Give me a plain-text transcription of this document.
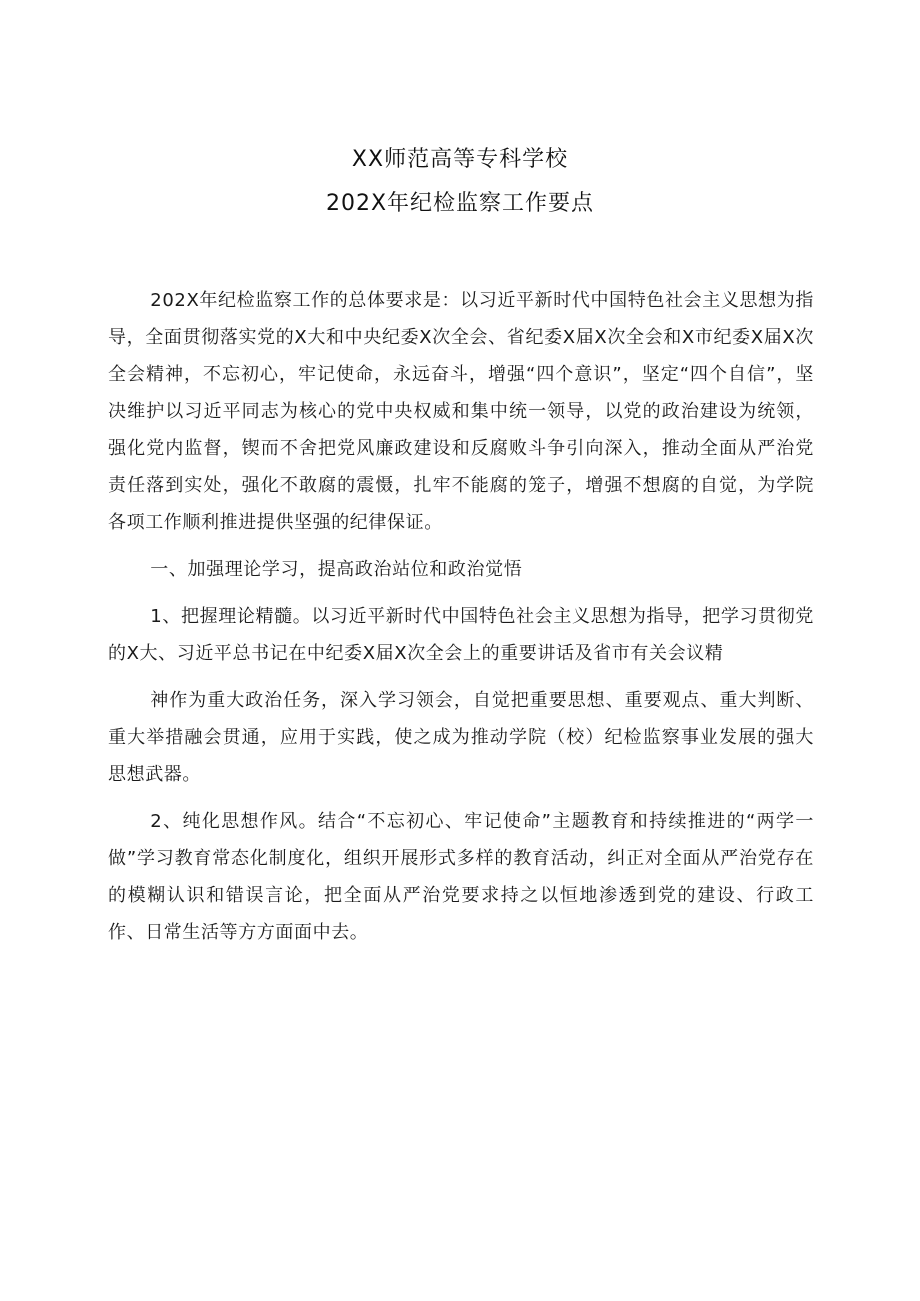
XX师范高等专科学校
202X年纪检监察工作要点

202X年纪检监察工作的总体要求是：以习近平新时代中国特色社会主义思想为指导，全面贯彻落实党的X大和中央纪委X次全会、省纪委X届X次全会和X市纪委X届X次全会精神，不忘初心，牢记使命，永远奋斗，增强“四个意识”，坚定“四个自信”，坚决维护以习近平同志为核心的党中央权威和集中统一领导，以党的政治建设为统领，强化党内监督，锲而不舍把党风廉政建设和反腐败斗争引向深入，推动全面从严治党责任落到实处，强化不敢腐的震慑，扎牢不能腐的笼子，增强不想腐的自觉，为学院各项工作顺利推进提供坚强的纪律保证。

一、加强理论学习，提高政治站位和政治觉悟

1、把握理论精髓。以习近平新时代中国特色社会主义思想为指导，把学习贯彻党的X大、习近平总书记在中纪委X届X次全会上的重要讲话及省市有关会议精

神作为重大政治任务，深入学习领会，自觉把重要思想、重要观点、重大判断、重大举措融会贯通，应用于实践，使之成为推动学院（校）纪检监察事业发展的强大思想武器。

2、纯化思想作风。结合“不忘初心、牢记使命”主题教育和持续推进的“两学一做”学习教育常态化制度化，组织开展形式多样的教育活动，纠正对全面从严治党存在的模糊认识和错误言论，把全面从严治党要求持之以恒地渗透到党的建设、行政工作、日常生活等方方面面中去。
